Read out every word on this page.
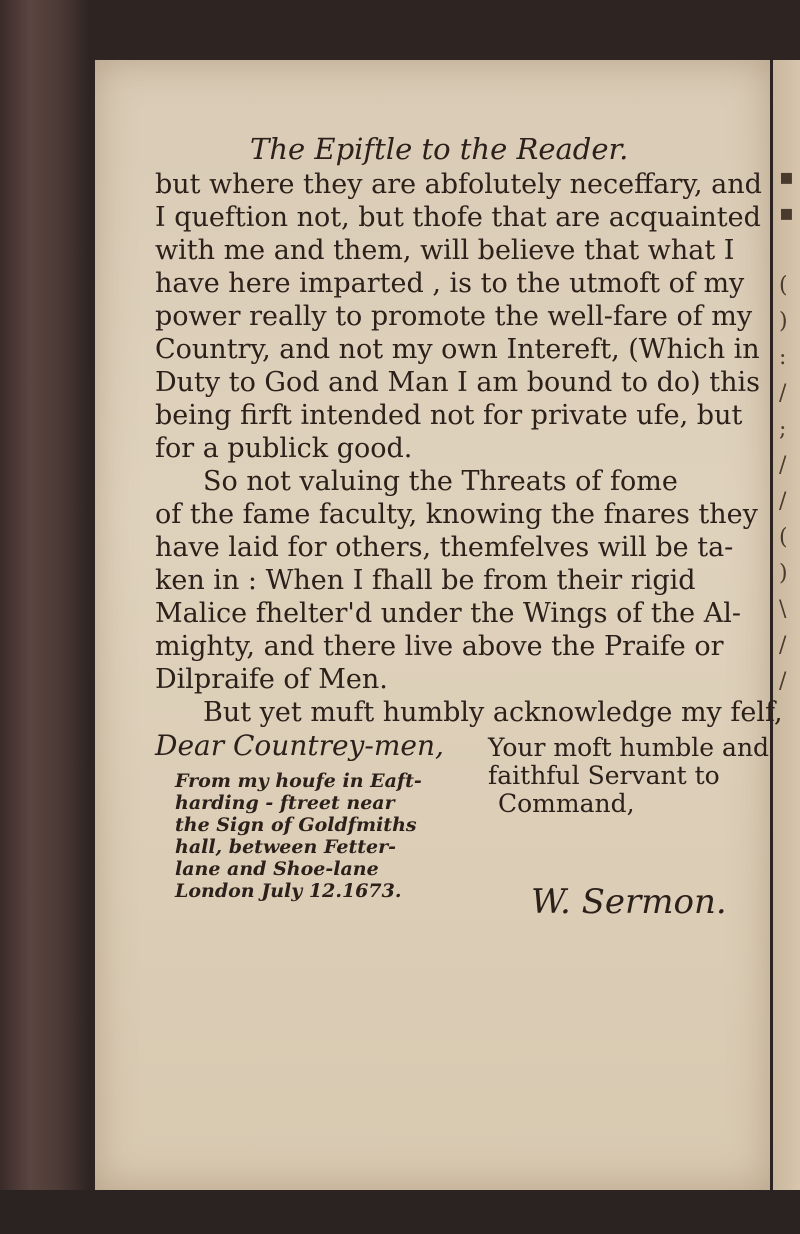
▪
▪

(
)
:
/
;
/
/
(
)
\
/
/
The Epiftle to the Reader.
but where they are abfolutely neceffary, and
I queftion not, but thofe that are acquainted
with me and them, will believe that what I
have here imparted , is to the utmoft of my
power really to promote the well-fare of my
Country, and not my own Intereft, (Which in
Duty to God and Man I am bound to do) this
being firft intended not for private ufe, but
for a publick good.
So not valuing the Threats of fome
of the fame faculty, knowing the fnares they
have laid for others, themfelves will be ta-
ken in : When I fhall be from their rigid
Malice fhelter'd under the Wings of the Al-
mighty, and there live above the Praife or
Dilpraife of Men.
But yet muft humbly acknowledge my felf,
Dear Countrey-men,	Your moft humble and
faithful Servant to
Command,
From my houfe in Eaft-
harding - ftreet near
the Sign of Goldfmiths
hall, between Fetter-
lane and Shoe-lane
London July 12.1673.	W. Sermon.
